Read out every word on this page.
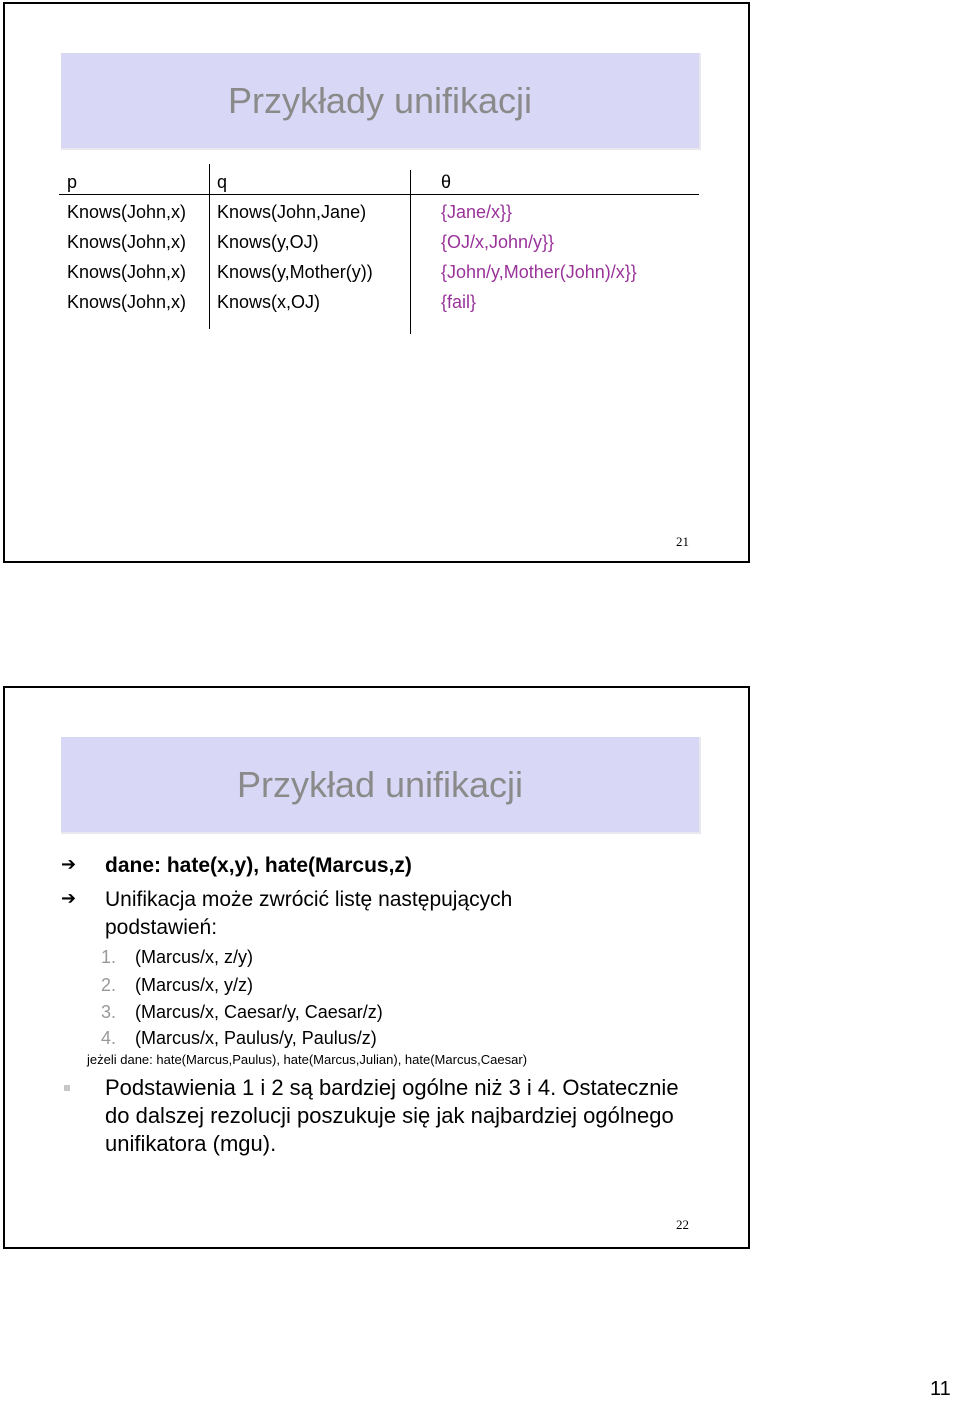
Przykłady unifikacji
p	q	θ
Knows(John,x) Knows(John,Jane)	{Jane/x}}
Knows(John,x) Knows(y,OJ)	{OJ/x,John/y}}
Knows(John,x) Knows(y,Mother(y))	{John/y,Mother(John)/x}}
Knows(John,x) Knows(x,OJ)	{fail}
21
Przykład unifikacji
➔	dane: hate(x,y), hate(Marcus,z)
➔	Unifikacja może zwrócić listę następujących podstawień:
1. (Marcus/x, z/y)
2. (Marcus/x, y/z)
3. (Marcus/x, Caesar/y, Caesar/z)
4. (Marcus/x, Paulus/y, Paulus/z)
jeżeli dane: hate(Marcus,Paulus), hate(Marcus,Julian), hate(Marcus,Caesar)
Podstawienia 1 i 2 są bardziej ogólne niż 3 i 4. Ostatecznie do dalszej rezolucji poszukuje się jak najbardziej ogólnego unifikatora (mgu).
22
11
